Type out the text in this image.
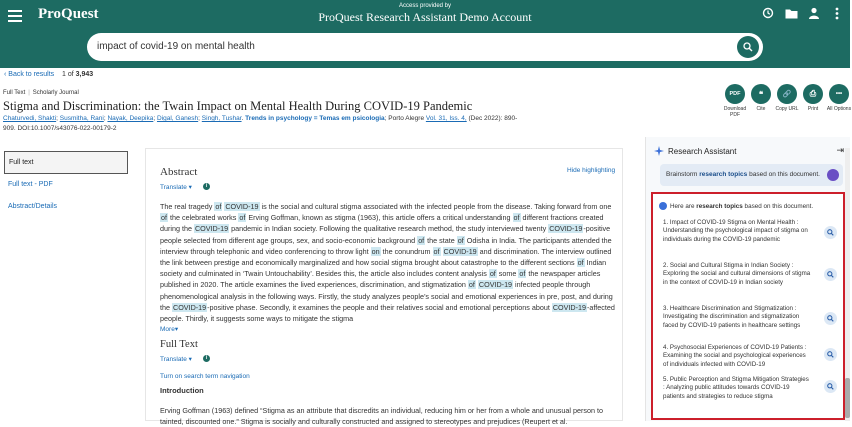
ProQuest	Access provided by
ProQuest Research Assistant Demo Account
impact of covid-19 on mental health
‹ Back to results 1 of 3,943
Full Text | Scholarly Journal
Stigma and Discrimination: the Twain Impact on Mental Health During COVID-19 Pandemic
Chaturvedi, Shakti; Susmitha, Rani; Nayak, Deepika; Digal, Ganesh; Singh, Tushar. Trends in psychology = Temas em psicologia; Porto Alegre Vol. 31, Iss. 4, (Dec 2022): 890-909. DOI:10.1007/s43076-022-00179-2
PDF
Download PDF
❝
Cite
🔗
Copy URL
⎙
Print
•••
All Options
Full text
Full text - PDF
Abstract/Details
Abstract	Hide highlighting
Translate ▾	i
The real tragedy of COVID-19 is the social and cultural stigma associated with the infected people from the disease. Taking forward from one of the celebrated works of Erving Goffman, known as stigma (1963), this article offers a critical understanding of different fractions created during the COVID-19 pandemic in Indian society. Following the qualitative research method, the study interviewed twenty COVID-19-positive people selected from different age groups, sex, and socio-economic background of the state of Odisha in India. The participants attended the interview through telephonic and video conferencing to throw light on the conundrum of COVID-19 and discrimination. The interview outlined the link between prestige and economically marginalized and how social stigma brought about catastrophe to the different sections of Indian society and culminated in ‘Twain Untouchability’. Besides this, the article also includes content analysis of some of the newspaper articles published in 2020. The article examines the lived experiences, discrimination, and stigmatization of COVID-19 infected people through phenomenological analysis in the following ways. Firstly, the study analyzes people’s social and emotional experiences in pre, post, and during the COVID-19-positive phase. Secondly, it examines the people and their relatives social and emotional perceptions about COVID-19-affected people. Thirdly, it suggests some ways to mitigate the stigma
More▾
Full Text
Translate ▾	i
Turn on search term navigation
Introduction
Erving Goffman (1963) defined “Stigma as an attribute that discredits an individual, reducing him or her from a whole and unusual person to tainted, discounted one.” Stigma is socially and culturally constructed and assigned to stereotypes and prejudices (Reupert et al.
Research Assistant	⇥
Brainstorm research topics based on this document.
Here are research topics based on this document.
1. Impact of COVID-19 Stigma on Mental Health : Understanding the psychological impact of stigma on individuals during the COVID-19 pandemic
2. Social and Cultural Stigma in Indian Society : Exploring the social and cultural dimensions of stigma in the context of COVID-19 in Indian society
3. Healthcare Discrimination and Stigmatization : Investigating the discrimination and stigmatization faced by COVID-19 patients in healthcare settings
4. Psychosocial Experiences of COVID-19 Patients : Examining the social and psychological experiences of individuals infected with COVID-19
5. Public Perception and Stigma Mitigation Strategies : Analyzing public attitudes towards COVID-19 patients and strategies to reduce stigma
